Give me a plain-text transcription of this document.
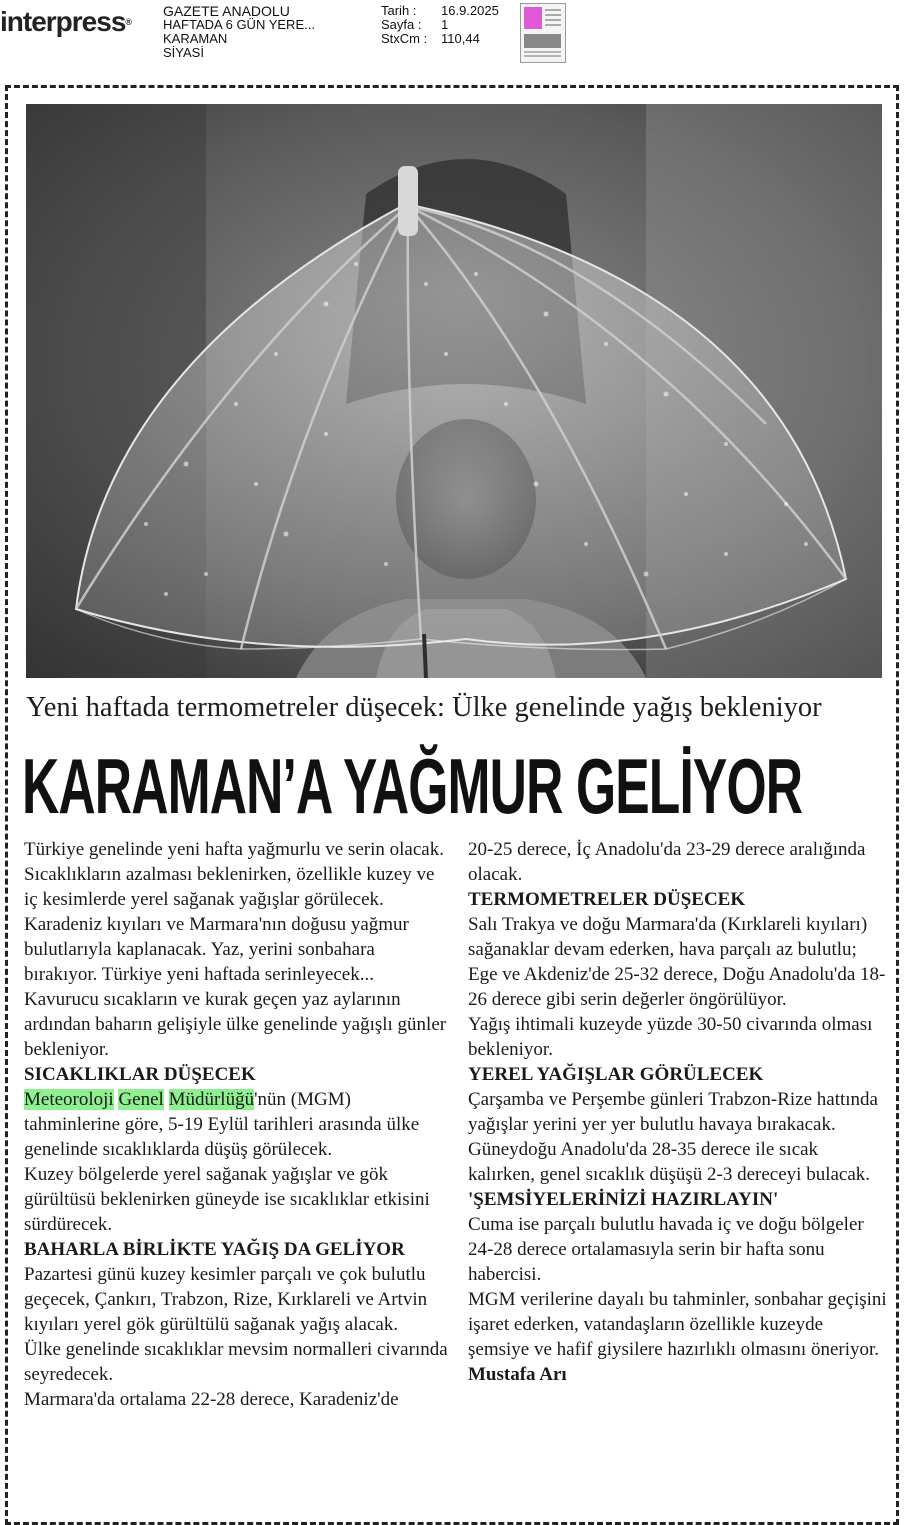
interpress®
GAZETE ANADOLU
HAFTADA 6 GÜN YERE...
KARAMAN
SİYASİ
Tarih :	16.9.2025
Sayfa :	1
StxCm :	110,44
Yeni haftada termometreler düşecek: Ülke genelinde yağış bekleniyor
KARAMAN’A YAĞMUR GELİYOR

Türkiye genelinde yeni hafta yağmurlu ve serin olacak. Sıcaklıkların azalması beklenirken, özellikle kuzey ve iç kesimlerde yerel sağanak yağışlar görülecek. Karadeniz kıyıları ve Marmara'nın doğusu yağmur bulutlarıyla kaplanacak. Yaz, yerini sonbahara bırakıyor. Türkiye yeni haftada serinleyecek...

Kavurucu sıcakların ve kurak geçen yaz aylarının ardından baharın gelişiyle ülke genelinde yağışlı günler bekleniyor.

SICAKLIKLAR DÜŞECEK

Meteoroloji Genel Müdürlüğü'nün (MGM) tahminlerine göre, 5-19 Eylül tarihleri arasında ülke genelinde sıcaklıklarda düşüş görülecek.

Kuzey bölgelerde yerel sağanak yağışlar ve gök gürültüsü beklenirken güneyde ise sıcaklıklar etkisini sürdürecek.

BAHARLA BİRLİKTE YAĞIŞ DA GELİYOR

Pazartesi günü kuzey kesimler parçalı ve çok bulutlu geçecek, Çankırı, Trabzon, Rize, Kırklareli ve Artvin kıyıları yerel gök gürültülü sağanak yağış alacak.

Ülke genelinde sıcaklıklar mevsim normalleri civarında seyredecek.

Marmara'da ortalama 22-28 derece, Karadeniz'de

20-25 derece, İç Anadolu'da 23-29 derece aralığında olacak.

TERMOMETRELER DÜŞECEK

Salı Trakya ve doğu Marmara'da (Kırklareli kıyıları) sağanaklar devam ederken, hava parçalı az bulutlu; Ege ve Akdeniz'de 25-32 derece, Doğu Anadolu'da 18-26 derece gibi serin değerler öngörülüyor.

Yağış ihtimali kuzeyde yüzde 30-50 civarında olması bekleniyor.

YEREL YAĞIŞLAR GÖRÜLECEK

Çarşamba ve Perşembe günleri Trabzon-Rize hattında yağışlar yerini yer yer bulutlu havaya bırakacak.

Güneydoğu Anadolu'da 28-35 derece ile sıcak kalırken, genel sıcaklık düşüşü 2-3 dereceyi bulacak.

'ŞEMSİYELERİNİZİ HAZIRLAYIN'

Cuma ise parçalı bulutlu havada iç ve doğu bölgeler 24-28 derece ortalamasıyla serin bir hafta sonu habercisi.

MGM verilerine dayalı bu tahminler, sonbahar geçişini işaret ederken, vatandaşların özellikle kuzeyde şemsiye ve hafif giysilere hazırlıklı olmasını öneriyor.

Mustafa Arı
